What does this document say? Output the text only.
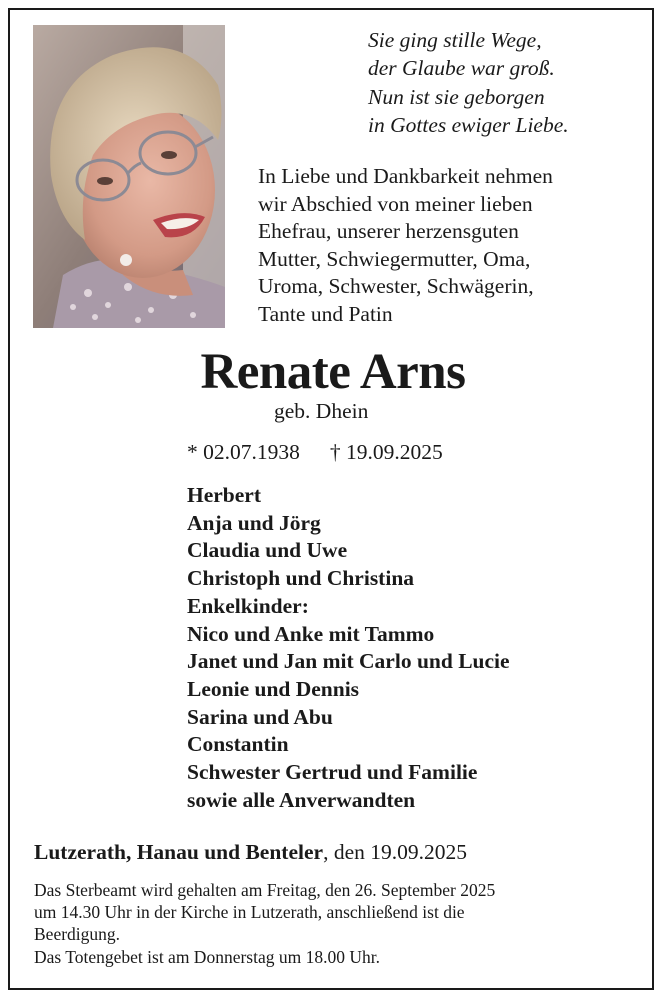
Sie ging stille Wege,
der Glaube war groß.
Nun ist sie geborgen
in Gottes ewiger Liebe.
In Liebe und Dankbarkeit nehmen
wir Abschied von meiner lieben
Ehefrau, unserer herzensguten
Mutter, Schwiegermutter, Oma,
Uroma, Schwester, Schwägerin,
Tante und Patin
Renate Arns
geb. Dhein
* 02.07.1938 † 19.09.2025
Herbert
Anja und Jörg
Claudia und Uwe
Christoph und Christina
Enkelkinder:
Nico und Anke mit Tammo
Janet und Jan mit Carlo und Lucie
Leonie und Dennis
Sarina und Abu
Constantin
Schwester Gertrud und Familie
sowie alle Anverwandten
Lutzerath, Hanau und Benteler, den 19.09.2025
Das Sterbeamt wird gehalten am Freitag, den 26. September 2025
um 14.30 Uhr in der Kirche in Lutzerath, anschließend ist die
Beerdigung.
Das Totengebet ist am Donnerstag um 18.00 Uhr.
